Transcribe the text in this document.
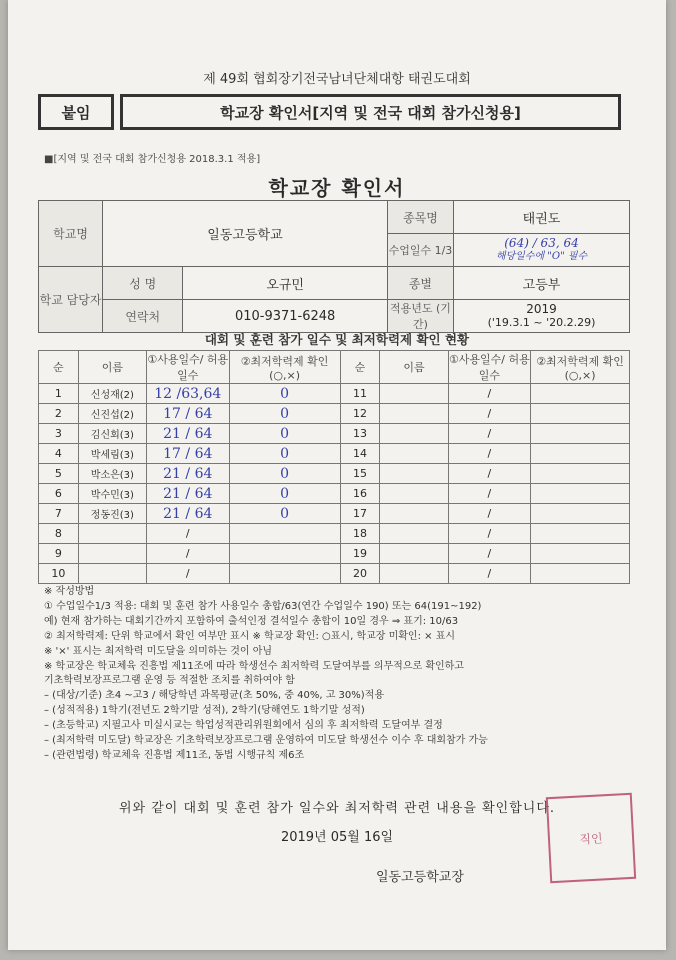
제 49회 협회장기전국남녀단체대항 태권도대회
붙임	학교장 확인서[지역 및 전국 대회 참가신청용]
■[지역 및 전국 대회 참가신청용 2018.3.1 적용]
학교장 확인서
학교명	일동고등학교		종목명	태권도
			수업일수 1/3	(64) / 63, 64
해당일수에 "O" 필수

학교 담당자	성 명	오규민	종별	고등부
	연락처	010-9371-6248	적용년도 (기간)	2019
('19.3.1 ~ '20.2.29)
대회 및 훈련 참가 일수 및 최저학력제 확인 현황
순	이름	①사용일수/ 허용일수	②최저학력제 확인(○,×)	순	이름	①사용일수/ 허용일수	②최저학력제 확인(○,×)
1	신성재(2)	12 /63,64	0	11		/	
2	신진섭(2)	17 / 64	0	12		/	
3	김신회(3)	21 / 64	0	13		/	
4	박세림(3)	17 / 64	0	14		/	
5	박소은(3)	21 / 64	0	15		/	
6	박수민(3)	21 / 64	0	16		/	
7	정동진(3)	21 / 64	0	17		/	
8		/		18		/	
9		/		19		/	
10		/		20		/	
※ 작성방법
① 수업일수1/3 적용: 대회 및 훈련 참가 사용일수 총합/63(연간 수업일수 190) 또는 64(191~192)
예) 현재 참가하는 대회기간까지 포함하여 출석인정 결석일수 총합이 10일 경우 ⇒ 표기: 10/63
② 최저학력제: 단위 학교에서 확인 여부만 표시 ※ 학교장 확인: ○표시, 학교장 미확인: × 표시
※ '×' 표시는 최저학력 미도달을 의미하는 것이 아님
※ 학교장은 학교체육 진흥법 제11조에 따라 학생선수 최저학력 도달여부를 의무적으로 확인하고
기초학력보장프로그램 운영 등 적절한 조치를 취하여야 함
– (대상/기준) 초4 ~고3 / 해당학년 과목평균(초 50%, 중 40%, 고 30%)적용
– (성적적용) 1학기(전년도 2학기말 성적), 2학기(당해연도 1학기말 성적)
– (초등학교) 지필고사 미실시교는 학업성적관리위원회에서 심의 후 최저학력 도달여부 결정
– (최저학력 미도달) 학교장은 기초학력보장프로그램 운영하여 미도달 학생선수 이수 후 대회참가 가능
– (관련법령) 학교체육 진흥법 제11조, 동법 시행규칙 제6조
위와 같이 대회 및 훈련 참가 일수와 최저학력 관련 내용을 확인합니다.
2019년 05월 16일
일동고등학교장
직인
